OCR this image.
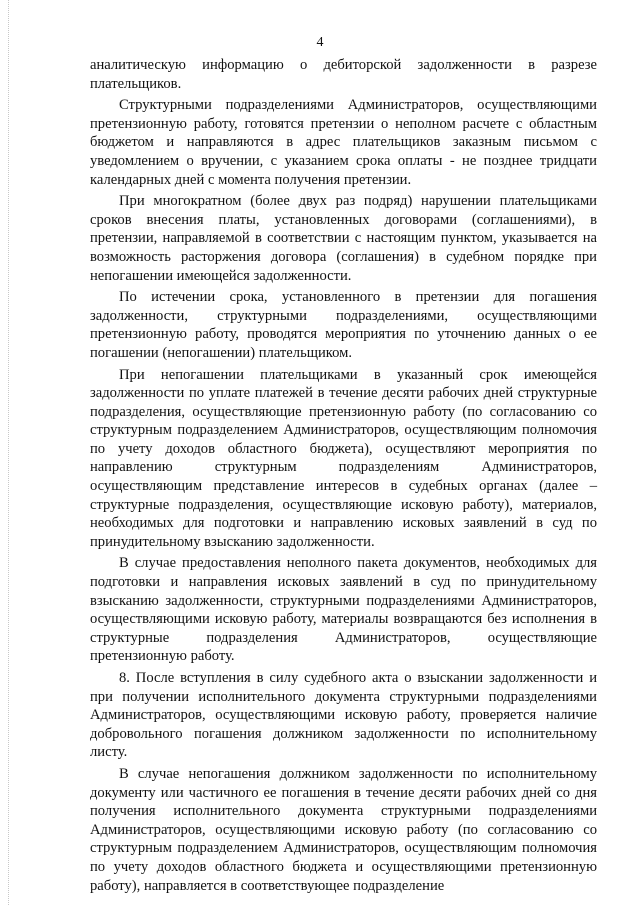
4

аналитическую информацию о дебиторской задолженности в разрезе плательщиков.

Структурными подразделениями Администраторов, осуществляющими претензионную работу, готовятся претензии о неполном расчете с областным бюджетом и направляются в адрес плательщиков заказным письмом с уведомлением о вручении, с указанием срока оплаты - не позднее тридцати календарных дней с момента получения претензии.

При многократном (более двух раз подряд) нарушении плательщиками сроков внесения платы, установленных договорами (соглашениями), в претензии, направляемой в соответствии с настоящим пунктом, указывается на возможность расторжения договора (соглашения) в судебном порядке при непогашении имеющейся задолженности.

По истечении срока, установленного в претензии для погашения задолженности, структурными подразделениями, осуществляющими претензионную работу, проводятся мероприятия по уточнению данных о ее погашении (непогашении) плательщиком.

При непогашении плательщиками в указанный срок имеющейся задолженности по уплате платежей в течение десяти рабочих дней структурные подразделения, осуществляющие претензионную работу (по согласованию со структурным подразделением Администраторов, осуществляющим полномочия по учету доходов областного бюджета), осуществляют мероприятия по направлению структурным подразделениям Администраторов, осуществляющим представление интересов в судебных органах (далее – структурные подразделения, осуществляющие исковую работу), материалов, необходимых для подготовки и направлению исковых заявлений в суд по принудительному взысканию задолженности.

В случае предоставления неполного пакета документов, необходимых для подготовки и направления исковых заявлений в суд по принудительному взысканию задолженности, структурными подразделениями Администраторов, осуществляющими исковую работу, материалы возвращаются без исполнения в структурные подразделения Администраторов, осуществляющие претензионную работу.

8. После вступления в силу судебного акта о взыскании задолженности и при получении исполнительного документа структурными подразделениями Администраторов, осуществляющими исковую работу, проверяется наличие добровольного погашения должником задолженности по исполнительному листу.

В случае непогашения должником задолженности по исполнительному документу или частичного ее погашения в течение десяти рабочих дней со дня получения исполнительного документа структурными подразделениями Администраторов, осуществляющими исковую работу (по согласованию со структурным подразделением Администраторов, осуществляющим полномочия по учету доходов областного бюджета и осуществляющими претензионную работу), направляется в соответствующее подразделение
